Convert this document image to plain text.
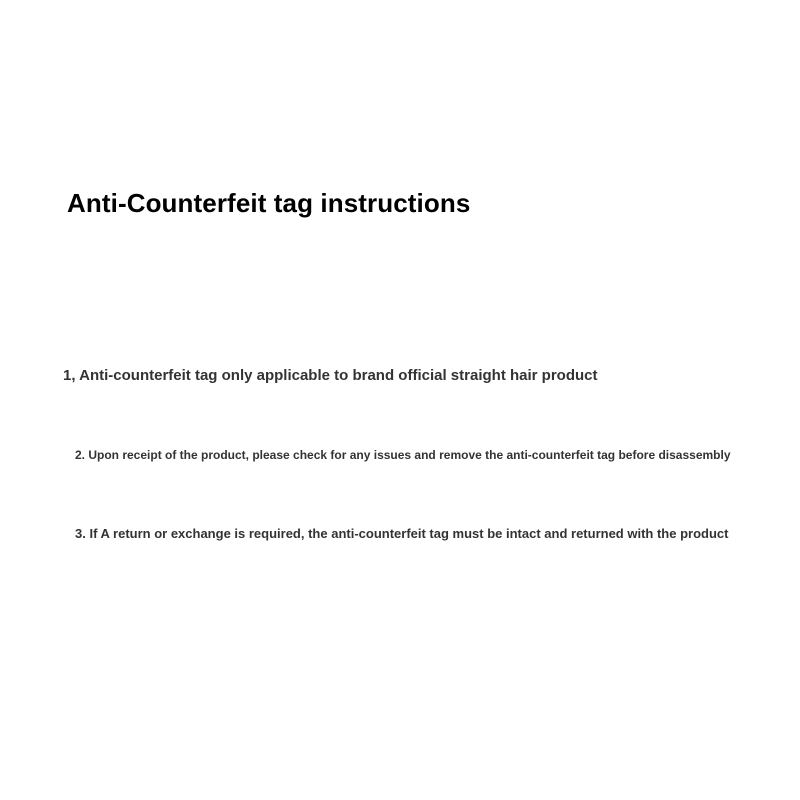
Anti-Counterfeit tag instructions

1, Anti-counterfeit tag only applicable to brand official straight hair product

2. Upon receipt of the product, please check for any issues and remove the anti-counterfeit tag before disassembly

3. If A return or exchange is required, the anti-counterfeit tag must be intact and returned with the product
